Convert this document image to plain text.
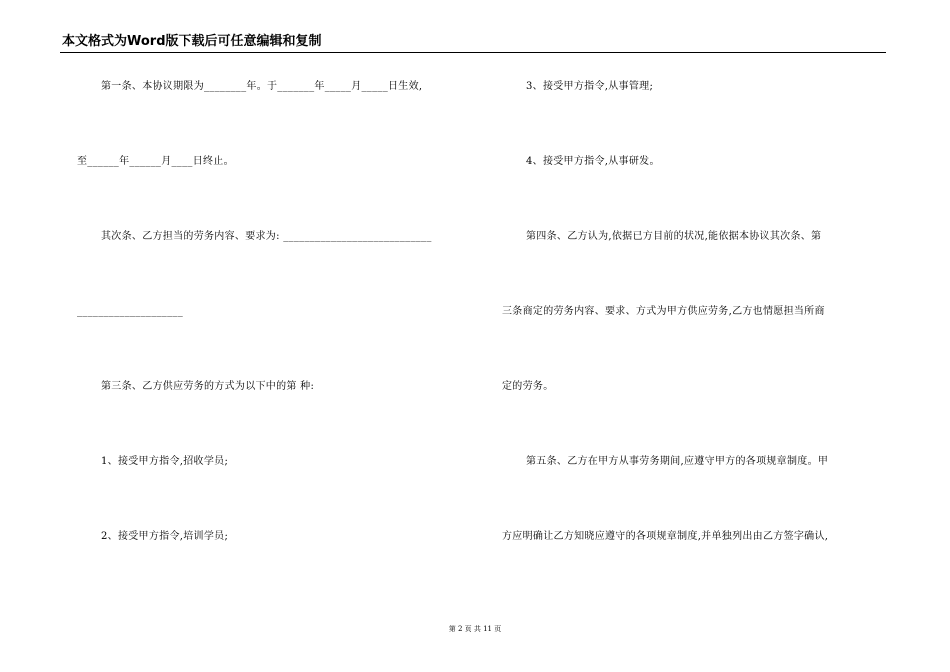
本文格式为Word版下载后可任意编辑和复制
第一条、本协议期限为________年。于_______年_____月_____日生效,
至______年______月____日终止。
其次条、乙方担当的劳务内容、要求为: ____________________________
____________________
第三条、乙方供应劳务的方式为以下中的第 种:
1、接受甲方指令,招收学员;
2、接受甲方指令,培训学员;
3、接受甲方指令,从事管理;
4、接受甲方指令,从事研发。
第四条、乙方认为,依据已方目前的状况,能依据本协议其次条、第
三条商定的劳务内容、要求、方式为甲方供应劳务,乙方也情愿担当所商
定的劳务。
第五条、乙方在甲方从事劳务期间,应遵守甲方的各项规章制度。甲
方应明确让乙方知晓应遵守的各项规章制度,并单独列出由乙方签字确认,
第 2 页 共 11 页
